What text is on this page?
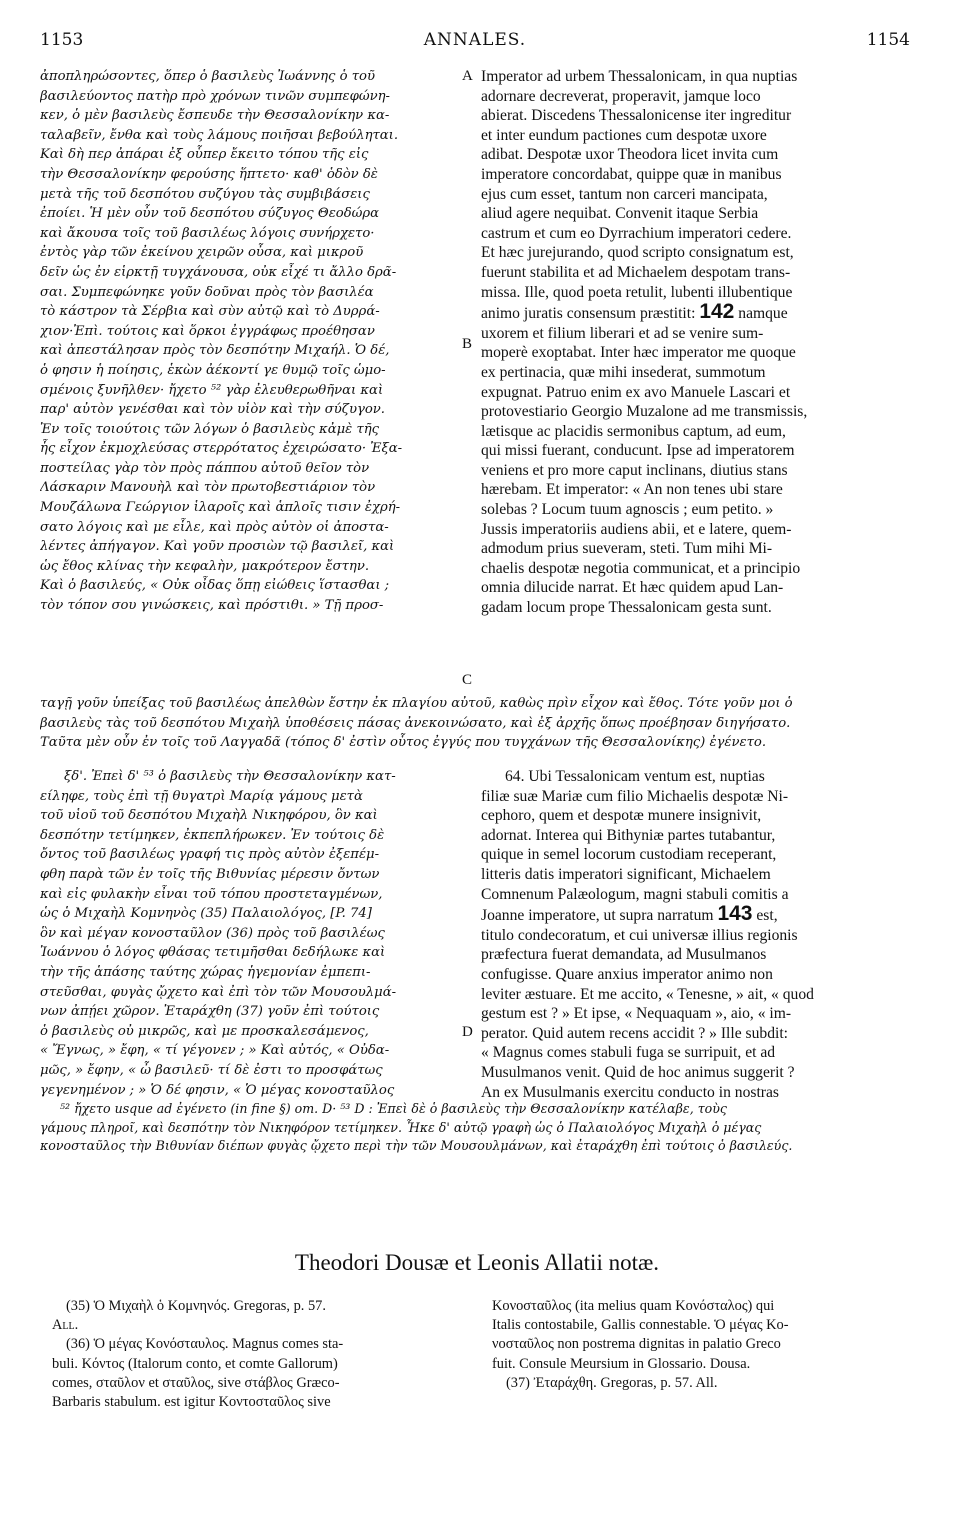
1153	ANNALES.	1154
ἀποπληρώσοντες, ὅπερ ὁ βασιλεὺς Ἰωάννης ὁ τοῦ
βασιλεύοντος πατὴρ πρὸ χρόνων τινῶν συμπεφώνη-
κεν, ὁ μὲν βασιλεὺς ἔσπευδε τὴν Θεσσαλονίκην κα-
ταλαβεῖν, ἔνθα καὶ τοὺς λάμους ποιῆσαι βεβούληται.
Καὶ δὴ περ ἀπάραι ἐξ οὗπερ ἔκειτο τόπου τῆς εἰς
τὴν Θεσσαλονίκην φερούσης ἥπτετο· καθ' ὁδὸν δὲ
μετὰ τῆς τοῦ δεσπότου συζύγου τὰς συμβιβάσεις
ἐποίει. Ἡ μὲν οὖν τοῦ δεσπότου σύζυγος Θεοδώρα
καὶ ἄκουσα τοῖς τοῦ βασιλέως λόγοις συνήρχετο·
ἐντὸς γὰρ τῶν ἐκείνου χειρῶν οὖσα, καὶ μικροῦ
δεῖν ὡς ἐν εἱρκτῇ τυγχάνουσα, οὐκ εἶχέ τι ἄλλο δρᾶ-
σαι. Συμπεφώνηκε γοῦν δοῦναι πρὸς τὸν βασιλέα
τὸ κάστρον τὰ Σέρβια καὶ σὺν αὐτῷ καὶ τὸ Δυρρά-
χιον·Ἐπὶ. τούτοις καὶ ὅρκοι ἐγγράφως προέθησαν
καὶ ἀπεστάλησαν πρὸς τὸν δεσπότην Μιχαήλ. Ὁ δέ,
ὁ φησιν ἡ ποίησις, ἑκὼν ἀέκοντί γε θυμῷ τοῖς ὡμο-
σμένοις ξυνῆλθεν· ἤχετο ⁵² γὰρ ἐλευθερωθῆναι καὶ
παρ' αὐτὸν γενέσθαι καὶ τὸν υἱὸν καὶ τὴν σύζυγον.
Ἐν τοῖς τοιούτοις τῶν λόγων ὁ βασιλεὺς κἀμὲ τῆς
ἧς εἶχον ἐκμοχλεύσας στερρότατος ἐχειρώσατο· Ἐξα-
ποστείλας γὰρ τὸν πρὸς πάππου αὐτοῦ θεῖον τὸν
Λάσκαριν Μανουὴλ καὶ τὸν πρωτοβεστιάριον τὸν
Μουζάλωνα Γεώργιον ἱλαροῖς καὶ ἁπλοῖς τισιν ἐχρή-
σατο λόγοις καὶ με εἷλε, καὶ πρὸς αὐτὸν οἱ ἀποστα-
λέντες ἀπήγαγον. Καὶ γοῦν προσιὼν τῷ βασιλεῖ, καὶ
ὡς ἔθος κλίνας τὴν κεφαλὴν, μακρότερον ἔστην.
Καὶ ὁ βασιλεύς, « Οὐκ οἶδας ὅπῃ εἰώθεις ἵστασθαι ;
τὸν τόπον σου γινώσκεις, καὶ πρόστιθι. » Τῇ προσ-
A
B
C
D
Imperator ad urbem Thessalonicam, in qua nuptias
adornare decreverat, properavit, jamque loco
abierat. Discedens Thessalonicense iter ingreditur
et inter eundum pactiones cum despotæ uxore
adibat. Despotæ uxor Theodora licet invita cum
imperatore concordabat, quippe quæ in manibus
ejus cum esset, tantum non carceri mancipata,
aliud agere nequibat. Convenit itaque Serbia
castrum et cum eo Dyrrachium imperatori cedere.
Et hæc jurejurando, quod scripto consignatum est,
fuerunt stabilita et ad Michaelem despotam trans-
missa. Ille, quod poeta retulit, lubenti illubentique
animo juratis consensum præstitit: 142 namque
uxorem et filium liberari et ad se venire sum-
moperè exoptabat. Inter hæc imperator me quoque
ex pertinacia, quæ mihi insederat, summotum
expugnat. Patruo enim ex avo Manuele Lascari et
protovestiario Georgio Muzalone ad me transmissis,
lætisque ac placidis sermonibus captum, ad eum,
qui missi fuerant, conducunt. Ipse ad imperatorem
veniens et pro more caput inclinans, diutius stans
hærebam. Et imperator: « An non tenes ubi stare
solebas ? Locum tuum agnoscis ; eum petito. »
Jussis imperatoriis audiens abii, et e latere, quem-
admodum prius sueveram, steti. Tum mihi Mi-
chaelis despotæ negotia communicat, et a principio
omnia dilucide narrat. Et hæc quidem apud Lan-
gadam locum prope Thessalonicam gesta sunt.
ταγῇ γοῦν ὑπείξας τοῦ βασιλέως ἀπελθὼν ἔστην ἐκ πλαγίου αὐτοῦ, καθὼς πρὶν εἶχον καὶ ἔθος. Τότε γοῦν μοι ὁ
βασιλεὺς τὰς τοῦ δεσπότου Μιχαὴλ ὑποθέσεις πάσας ἀνεκοινώσατο, καὶ ἐξ ἀρχῆς ὅπως προέβησαν διηγήσατο.
Ταῦτα μὲν οὖν ἐν τοῖς τοῦ Λαγγαδᾶ (τόπος δ' ἐστὶν οὗτος ἐγγύς που τυγχάνων τῆς Θεσσαλονίκης) ἐγένετο.
ξδ'. Ἐπεὶ δ' ⁵³ ὁ βασιλεὺς τὴν Θεσσαλονίκην κατ-
είληφε, τοὺς ἐπὶ τῇ θυγατρὶ Μαρίᾳ γάμους μετὰ
τοῦ υἱοῦ τοῦ δεσπότου Μιχαὴλ Νικηφόρου, ὃν καὶ
δεσπότην τετίμηκεν, ἐκπεπλήρωκεν. Ἐν τούτοις δὲ
ὄντος τοῦ βασιλέως γραφή τις πρὸς αὐτὸν ἐξεπέμ-
φθη παρὰ τῶν ἐν τοῖς τῆς Βιθυνίας μέρεσιν ὄντων
καὶ εἰς φυλακὴν εἶναι τοῦ τόπου προστεταγμένων,
ὡς ὁ Μιχαὴλ Κομνηνὸς (35) Παλαιολόγος, [P. 74]
ὃν καὶ μέγαν κονοσταῦλον (36) πρὸς τοῦ βασιλέως
Ἰωάννου ὁ λόγος φθάσας τετιμῆσθαι δεδήλωκε καὶ
τὴν τῆς ἁπάσης ταύτης χώρας ἡγεμονίαν ἐμπεπι-
στεῦσθαι, φυγὰς ᾤχετο καὶ ἐπὶ τὸν τῶν Μουσουλμά-
νων ἀπῄει χῶρον. Ἐταράχθη (37) γοῦν ἐπὶ τούτοις
ὁ βασιλεὺς οὐ μικρῶς, καὶ με προσκαλεσάμενος,
« Ἔγνως, » ἔφη, « τί γέγονεν ; » Καὶ αὐτός, « Οὐδα-
μῶς, » ἔφην, « ὦ βασιλεῦ· τί δὲ ἐστι το προσφάτως
γεγενημένον ; » Ὁ δέ φησιν, « Ὁ μέγας κονοσταῦλος
64. Ubi Tessalonicam ventum est, nuptias
filiæ suæ Mariæ cum filio Michaelis despotæ Ni-
cephoro, quem et despotæ munere insignivit,
adornat. Interea qui Bithyniæ partes tutabantur,
quique in semel locorum custodiam receperant,
litteris datis imperatori significant, Michaelem
Comnenum Palæologum, magni stabuli comitis a
Joanne imperatore, ut supra narratum 143 est,
titulo condecoratum, et cui universæ illius regionis
præfectura fuerat demandata, ad Musulmanos
confugisse. Quare anxius imperator animo non
leviter æstuare. Et me accito, « Tenesne, » ait, « quod
gestum est ? » Et ipse, « Nequaquam », aio, « im-
perator. Quid autem recens accidit ? » Ille subdit:
« Magnus comes stabuli fuga se surripuit, et ad
Musulmanos venit. Quid de hoc animus suggerit ?
An ex Musulmanis exercitu conducto in nostras
⁵² ἤχετο usque ad ἐγένετο (in fine §) om. D· ⁵³ D : Ἐπεὶ δὲ ὁ βασιλεὺς τὴν Θεσσαλονίκην κατέλαβε, τοὺς
γάμους πληροῖ, καὶ δεσπότην τὸν Νικηφόρον τετίμηκεν. Ἦκε δ' αὐτῷ γραφὴ ὡς ὁ Παλαιολόγος Μιχαὴλ ὁ μέγας
κονοσταῦλος τὴν Βιθυνίαν διέπων φυγὰς ᾤχετο περὶ τὴν τῶν Μουσουλμάνων, καὶ ἐταράχθη ἐπὶ τούτοις ὁ βασιλεύς.
Theodori Dousæ et Leonis Allatii notæ.
(35) Ὁ Μιχαὴλ ὁ Κομνηνός. Gregoras, p. 57.
All.
(36) Ὁ μέγας Κονόσταυλος. Magnus comes sta-
buli. Κόντος (Italorum conto, et comte Gallorum)
comes, σταῦλον et σταῦλος, sive στάβλος Græco-
Barbaris stabulum. est igitur Κοντοσταῦλος sive
Κονοσταῦλος (ita melius quam Κονόσταλος) qui
Italis contostabile, Gallis connestable. Ὁ μέγας Κο-
νοσταῦλος non postrema dignitas in palatio Greco
fuit. Consule Meursium in Glossario. Dousa.
(37) Ἐταράχθη. Gregoras, p. 57. All.
